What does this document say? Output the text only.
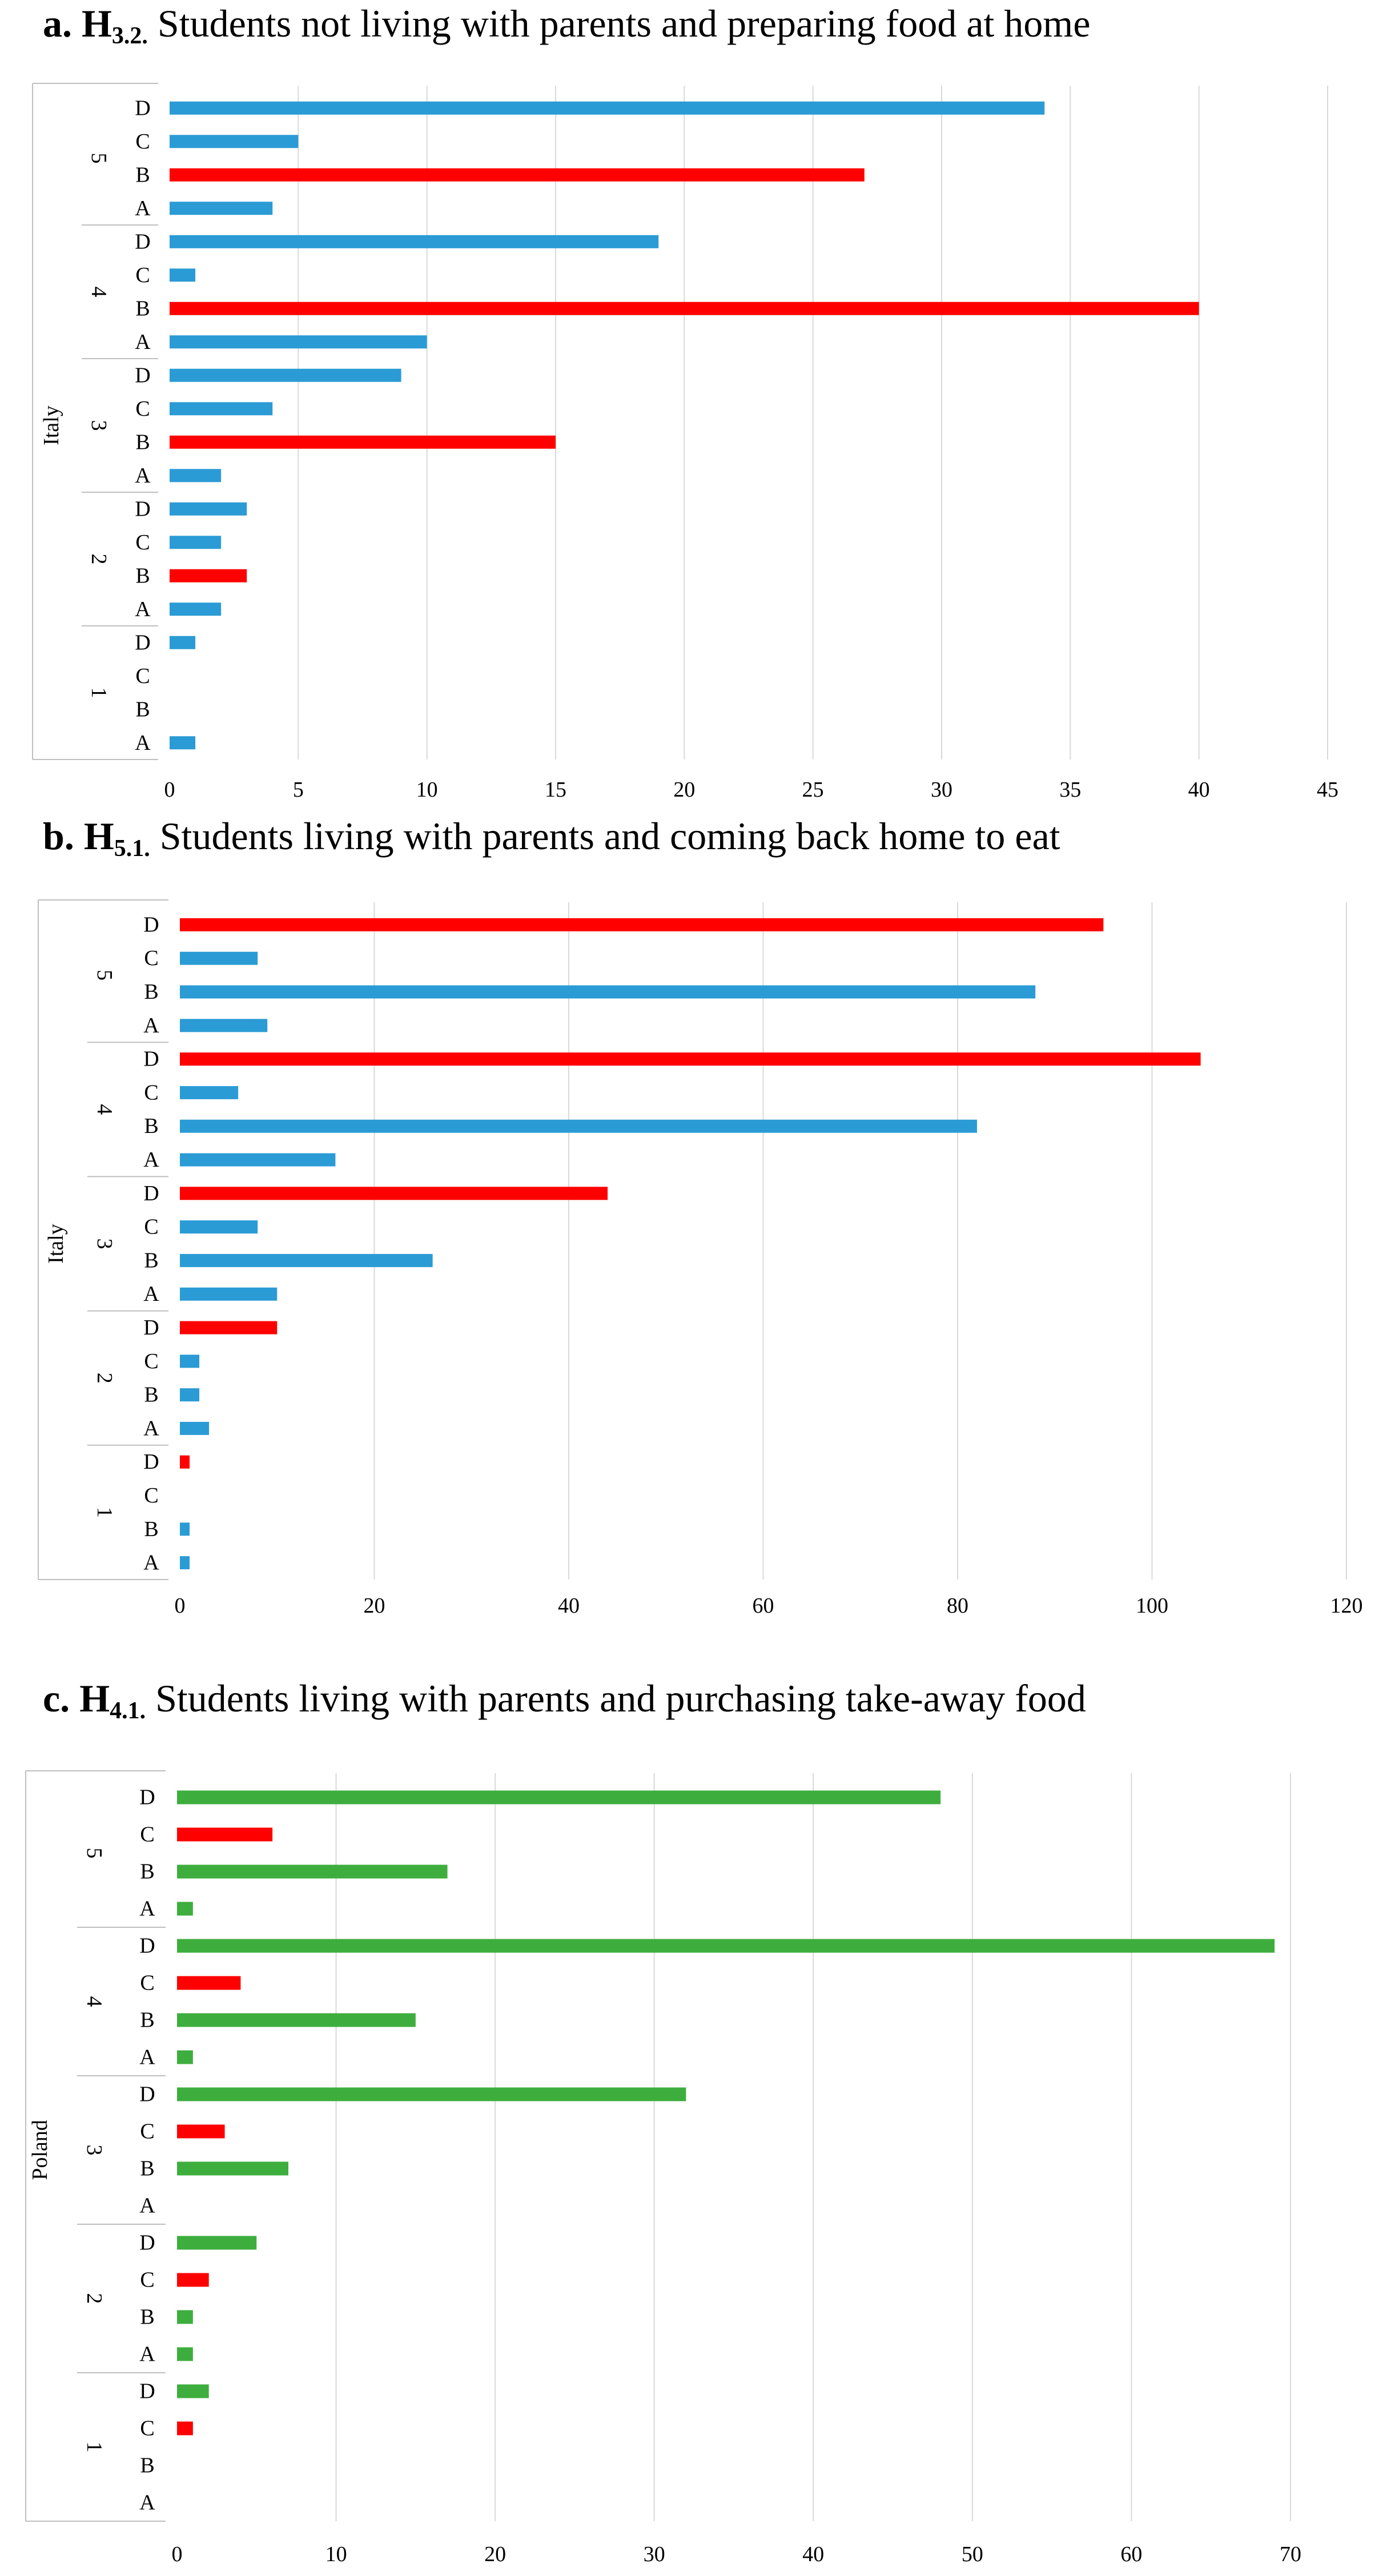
a. $H_{3.2.}$ Students not living with parents and preparing food at home
0	5	10	15	20	25	30	35	40	45
5
D
C
B
A
4
D
C
B
A
3
D
C
B
A
2
D
C
B
A
1
D
C
B
A
Italy
b. $H_{5.1.}$ Students living with parents and coming back home to eat
0	20	40	60	80	100	120
5
D
C
B
A
4
D
C
B
A
3
D
C
B
A
2
D
C
B
A
1
D
C
B
A
Italy
c. $H_{4.1.}$ Students living with parents and purchasing take-away food
0	10	20	30	40	50	60	70
5
D
C
B
A
4
D
C
B
A
3
D
C
B
A
2
D
C
B
A
1
D
C
B
A
Poland
